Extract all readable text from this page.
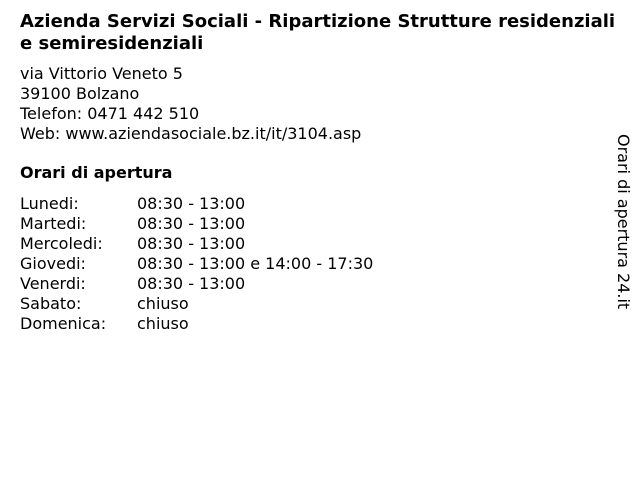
Azienda Servizi Sociali - Ripartizione Strutture residenziali e semiresidenziali
via Vittorio Veneto 5
39100 Bolzano
Telefon: 0471 442 510
Web: www.aziendasociale.bz.it/it/3104.asp
Orari di apertura
Lunedi:	08:30 - 13:00
Martedi:	08:30 - 13:00
Mercoledi: 08:30 - 13:00
Giovedi:	08:30 - 13:00 e 14:00 - 17:30
Venerdi:	08:30 - 13:00
Sabato:	chiuso
Domenica: chiuso
Orari di apertura 24.it
